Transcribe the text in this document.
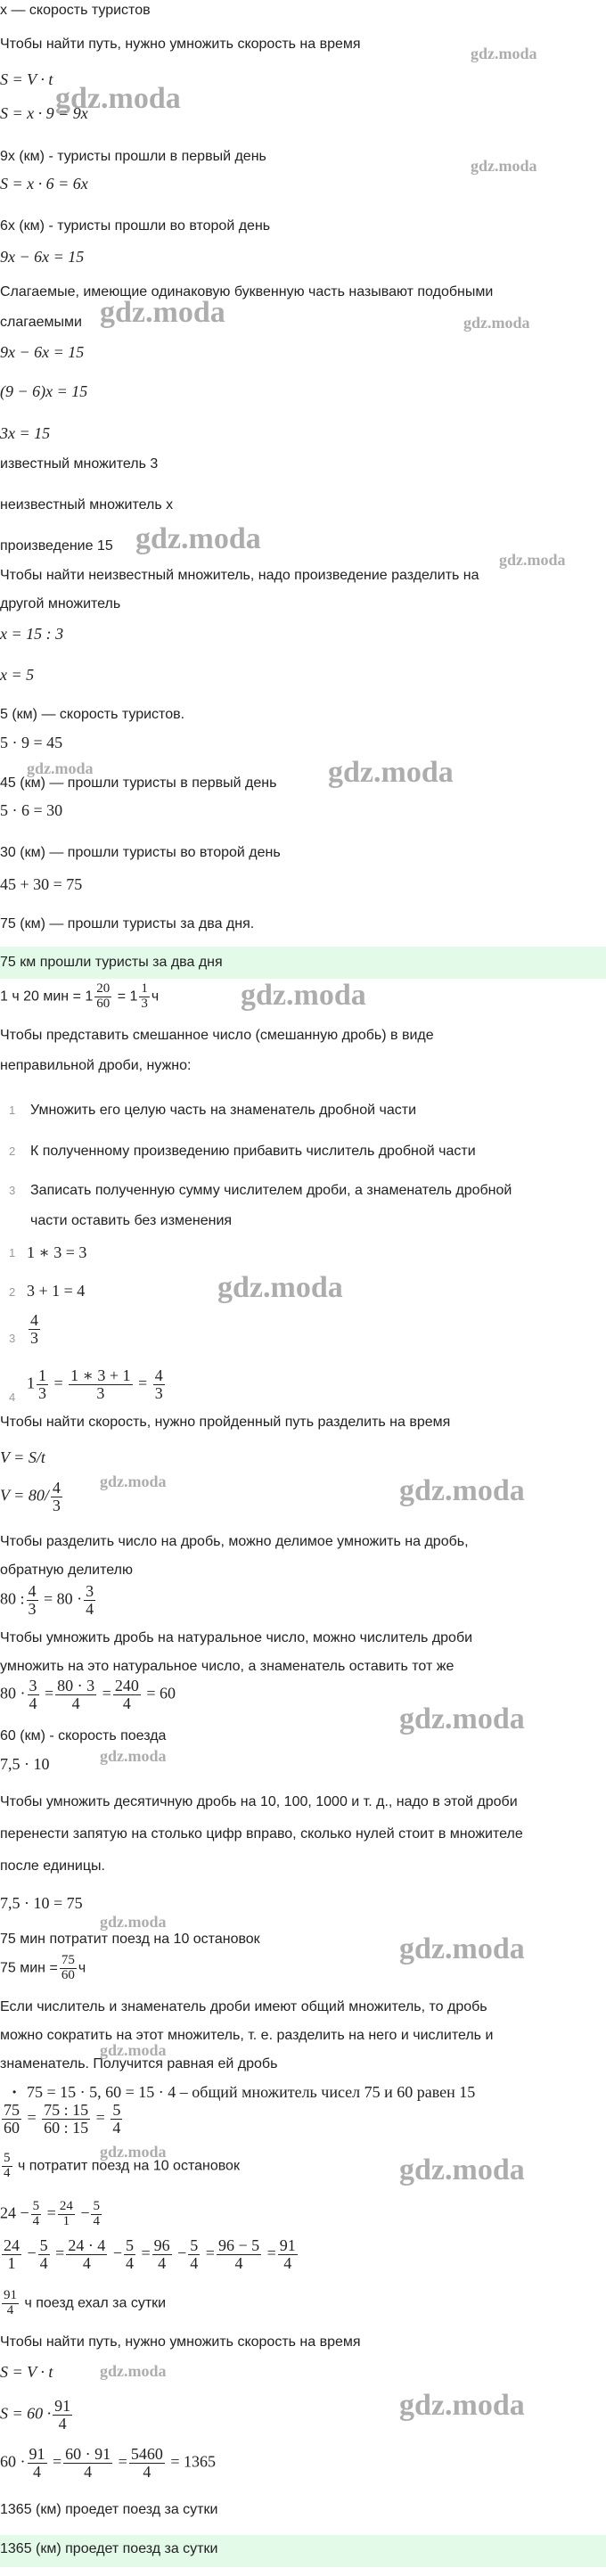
x — скорость туристов
Чтобы найти путь, нужно умножить скорость на время
S = V · t
S = x · 9 = 9x
9x (км) - туристы прошли в первый день
S = x · 6 = 6x
6x (км) - туристы прошли во второй день
9x − 6x = 15
Слагаемые, имеющие одинаковую буквенную часть называют подобными
слагаемыми
9x − 6x = 15
(9 − 6)x = 15
3x = 15
известный множитель 3
неизвестный множитель x
произведение 15
Чтобы найти неизвестный множитель, надо произведение разделить на
другой множитель
x = 15 : 3
x = 5
5 (км) — скорость туристов.
5 · 9 = 45
45 (км) — прошли туристы в первый день
5 · 6 = 30
30 (км) — прошли туристы во второй день
45 + 30 = 75
75 (км) — прошли туристы за два дня.
75 км прошли туристы за два дня
1 ч 20 мин = $1 \frac{20}{60} = 1 \frac{1}{3}$ ч
Чтобы представить смешанное число (смешанную дробь) в виде
неправильной дроби, нужно:
1 Умножить его целую часть на знаменатель дробной части
2 К полученному произведению прибавить числитель дробной части
3 Записать полученную сумму числителем дроби, а знаменатель дробной
части оставить без изменения
1 1 ∗ 3 = 3
2 3 + 1 = 4
$3 \frac{4}{3}$
4
$1 \frac{1}{3} = \frac{1 ∗ 3 + 1}{3} = \frac{4}{3}$
Чтобы найти скорость, нужно пройденный путь разделить на время
V = S/t
$V = 80/ \frac{4}{3}$
Чтобы разделить число на дробь, можно делимое умножить на дробь,
обратную делителю
80 : $\frac{4}{3} = 80 \cdot \frac{3}{4}$
Чтобы умножить дробь на натуральное число, можно числитель дроби
умножить на это натуральное число, а знаменатель оставить тот же
$80 \cdot \frac{3}{4} = \frac{80 \cdot 3}{4} = \frac{240}{4} = 60$
60 (км) - скорость поезда
7,5 · 10
Чтобы умножить десятичную дробь на 10, 100, 1000 и т. д., надо в этой дроби
перенести запятую на столько цифр вправо, сколько нулей стоит в множителе
после единицы.
7,5 · 10 = 75
75 мин потратит поезд на 10 остановок
75 мин = $\frac{75}{60}$ ч
Если числитель и знаменатель дроби имеют общий множитель, то дробь
можно сократить на этот множитель, т. е. разделить на него и числитель и
знаменатель. Получится равная ей дробь
• 75 = 15 · 5, 60 = 15 · 4 – общий множитель чисел 75 и 60 равен 15
$\frac{75}{60} = \frac{75 : 15}{60 : 15} = \frac{5}{4}$
$\frac{5}{4}$ ч потратит поезд на 10 остановок
$24 - \frac{5}{4} = \frac{24}{1} - \frac{5}{4}$
$\frac{24}{1} - \frac{5}{4} = \frac{24 \cdot 4}{4} - \frac{5}{4} = \frac{96}{4} - \frac{5}{4} = \frac{96 - 5}{4} = \frac{91}{4}$
$\frac{91}{4}$ ч поезд ехал за сутки
Чтобы найти путь, нужно умножить скорость на время
S = V · t
$S = 60 \cdot \frac{91}{4}$
$60 \cdot \frac{91}{4} = \frac{60 \cdot 91}{4} = \frac{5460}{4} = 1365$
1365 (км) проедет поезд за сутки
1365 (км) проедет поезд за сутки
gdz.moda
gdz.moda
gdz.moda
gdz.moda	gdz.moda
gdz.moda
gdz.moda
gdz.moda	gdz.moda
gdz.moda
gdz.moda
gdz.moda	gdz.moda
gdz.moda
gdz.moda
gdz.moda
gdz.moda
gdz.moda
gdz.moda
gdz.moda
gdz.moda
gdz.moda
